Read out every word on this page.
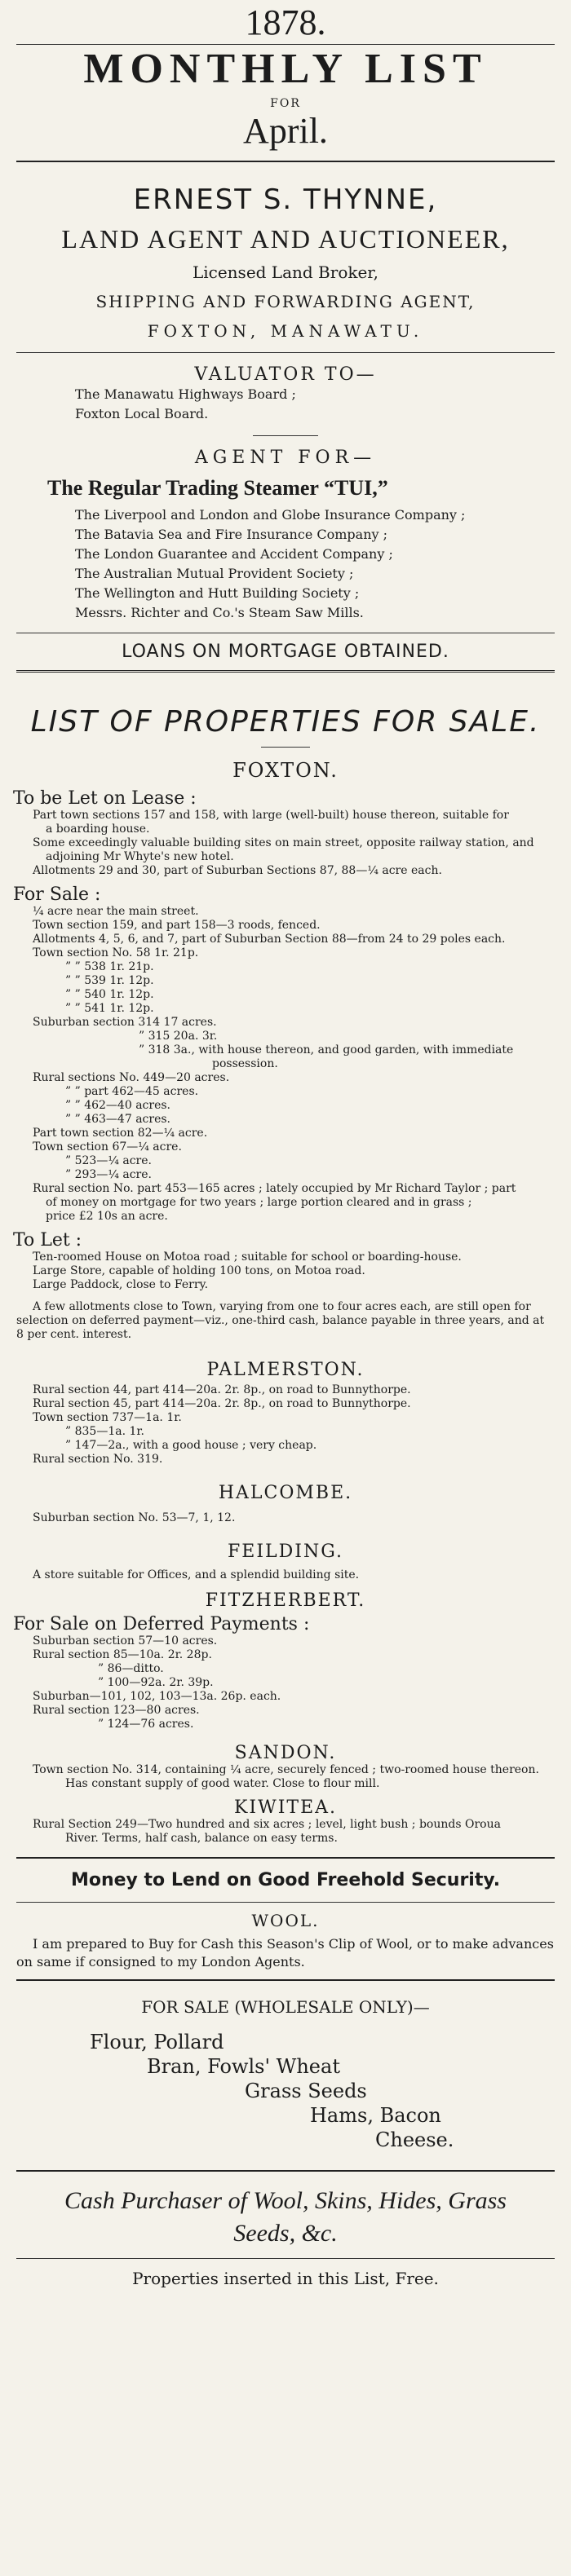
1878.
MONTHLY LIST
FOR
April.
ERNEST S. THYNNE,
LAND AGENT AND AUCTIONEER,
Licensed Land Broker,
SHIPPING AND FORWARDING AGENT,
FOXTON, MANAWATU.
VALUATOR TO—
The Manawatu Highways Board ;
Foxton Local Board.
AGENT FOR—
The Regular Trading Steamer “TUI,”
The Liverpool and London and Globe Insurance Company ;
The Batavia Sea and Fire Insurance Company ;
The London Guarantee and Accident Company ;
The Australian Mutual Provident Society ;
The Wellington and Hutt Building Society ;
Messrs. Richter and Co.'s Steam Saw Mills.
LOANS ON MORTGAGE OBTAINED.
LIST OF PROPERTIES FOR SALE.
FOXTON.
To be Let on Lease :
Part town sections 157 and 158, with large (well-built) house thereon, suitable for
a boarding house.
Some exceedingly valuable building sites on main street, opposite railway station, and
adjoining Mr Whyte's new hotel.
Allotments 29 and 30, part of Suburban Sections 87, 88—¼ acre each.
For Sale :
¼ acre near the main street.
Town section 159, and part 158—3 roods, fenced.
Allotments 4, 5, 6, and 7, part of Suburban Section 88—from 24 to 29 poles each.
Town section No. 58 1r. 21p.
” ” 538 1r. 21p.
” ” 539 1r. 12p.
” ” 540 1r. 12p.
” ” 541 1r. 12p.
Suburban section 314 17 acres.
” 315 20a. 3r.
” 318 3a., with house thereon, and good garden, with immediate
possession.
Rural sections No. 449—20 acres.
” ” part 462—45 acres.
” ” 462—40 acres.
” ” 463—47 acres.
Part town section 82—¼ acre.
Town section 67—¼ acre.
” 523—¼ acre.
” 293—¼ acre.
Rural section No. part 453—165 acres ; lately occupied by Mr Richard Taylor ; part
of money on mortgage for two years ; large portion cleared and in grass ;
price £2 10s an acre.
To Let :
Ten-roomed House on Motoa road ; suitable for school or boarding-house.
Large Store, capable of holding 100 tons, on Motoa road.
Large Paddock, close to Ferry.
A few allotments close to Town, varying from one to four acres each, are still open for selection on deferred payment—viz., one-third cash, balance payable in three years, and at 8 per cent. interest.
PALMERSTON.
Rural section 44, part 414—20a. 2r. 8p., on road to Bunnythorpe.
Rural section 45, part 414—20a. 2r. 8p., on road to Bunnythorpe.
Town section 737—1a. 1r.
” 835—1a. 1r.
” 147—2a., with a good house ; very cheap.
Rural section No. 319.
HALCOMBE.
Suburban section No. 53—7, 1, 12.
FEILDING.
A store suitable for Offices, and a splendid building site.
FITZHERBERT.
For Sale on Deferred Payments :
Suburban section 57—10 acres.
Rural section 85—10a. 2r. 28p.
” 86—ditto.
” 100—92a. 2r. 39p.
Suburban—101, 102, 103—13a. 26p. each.
Rural section 123—80 acres.
” 124—76 acres.
SANDON.
Town section No. 314, containing ¼ acre, securely fenced ; two-roomed house thereon.
Has constant supply of good water. Close to flour mill.
KIWITEA.
Rural Section 249—Two hundred and six acres ; level, light bush ; bounds Oroua
River. Terms, half cash, balance on easy terms.
Money to Lend on Good Freehold Security.
WOOL.
I am prepared to Buy for Cash this Season's Clip of Wool, or to make advances on same if consigned to my London Agents.
FOR SALE (WHOLESALE ONLY)—
Flour, Pollard
Bran, Fowls' Wheat
Grass Seeds
Hams, Bacon
Cheese.
Cash Purchaser of Wool, Skins, Hides, Grass
Seeds, &c.
Properties inserted in this List, Free.
